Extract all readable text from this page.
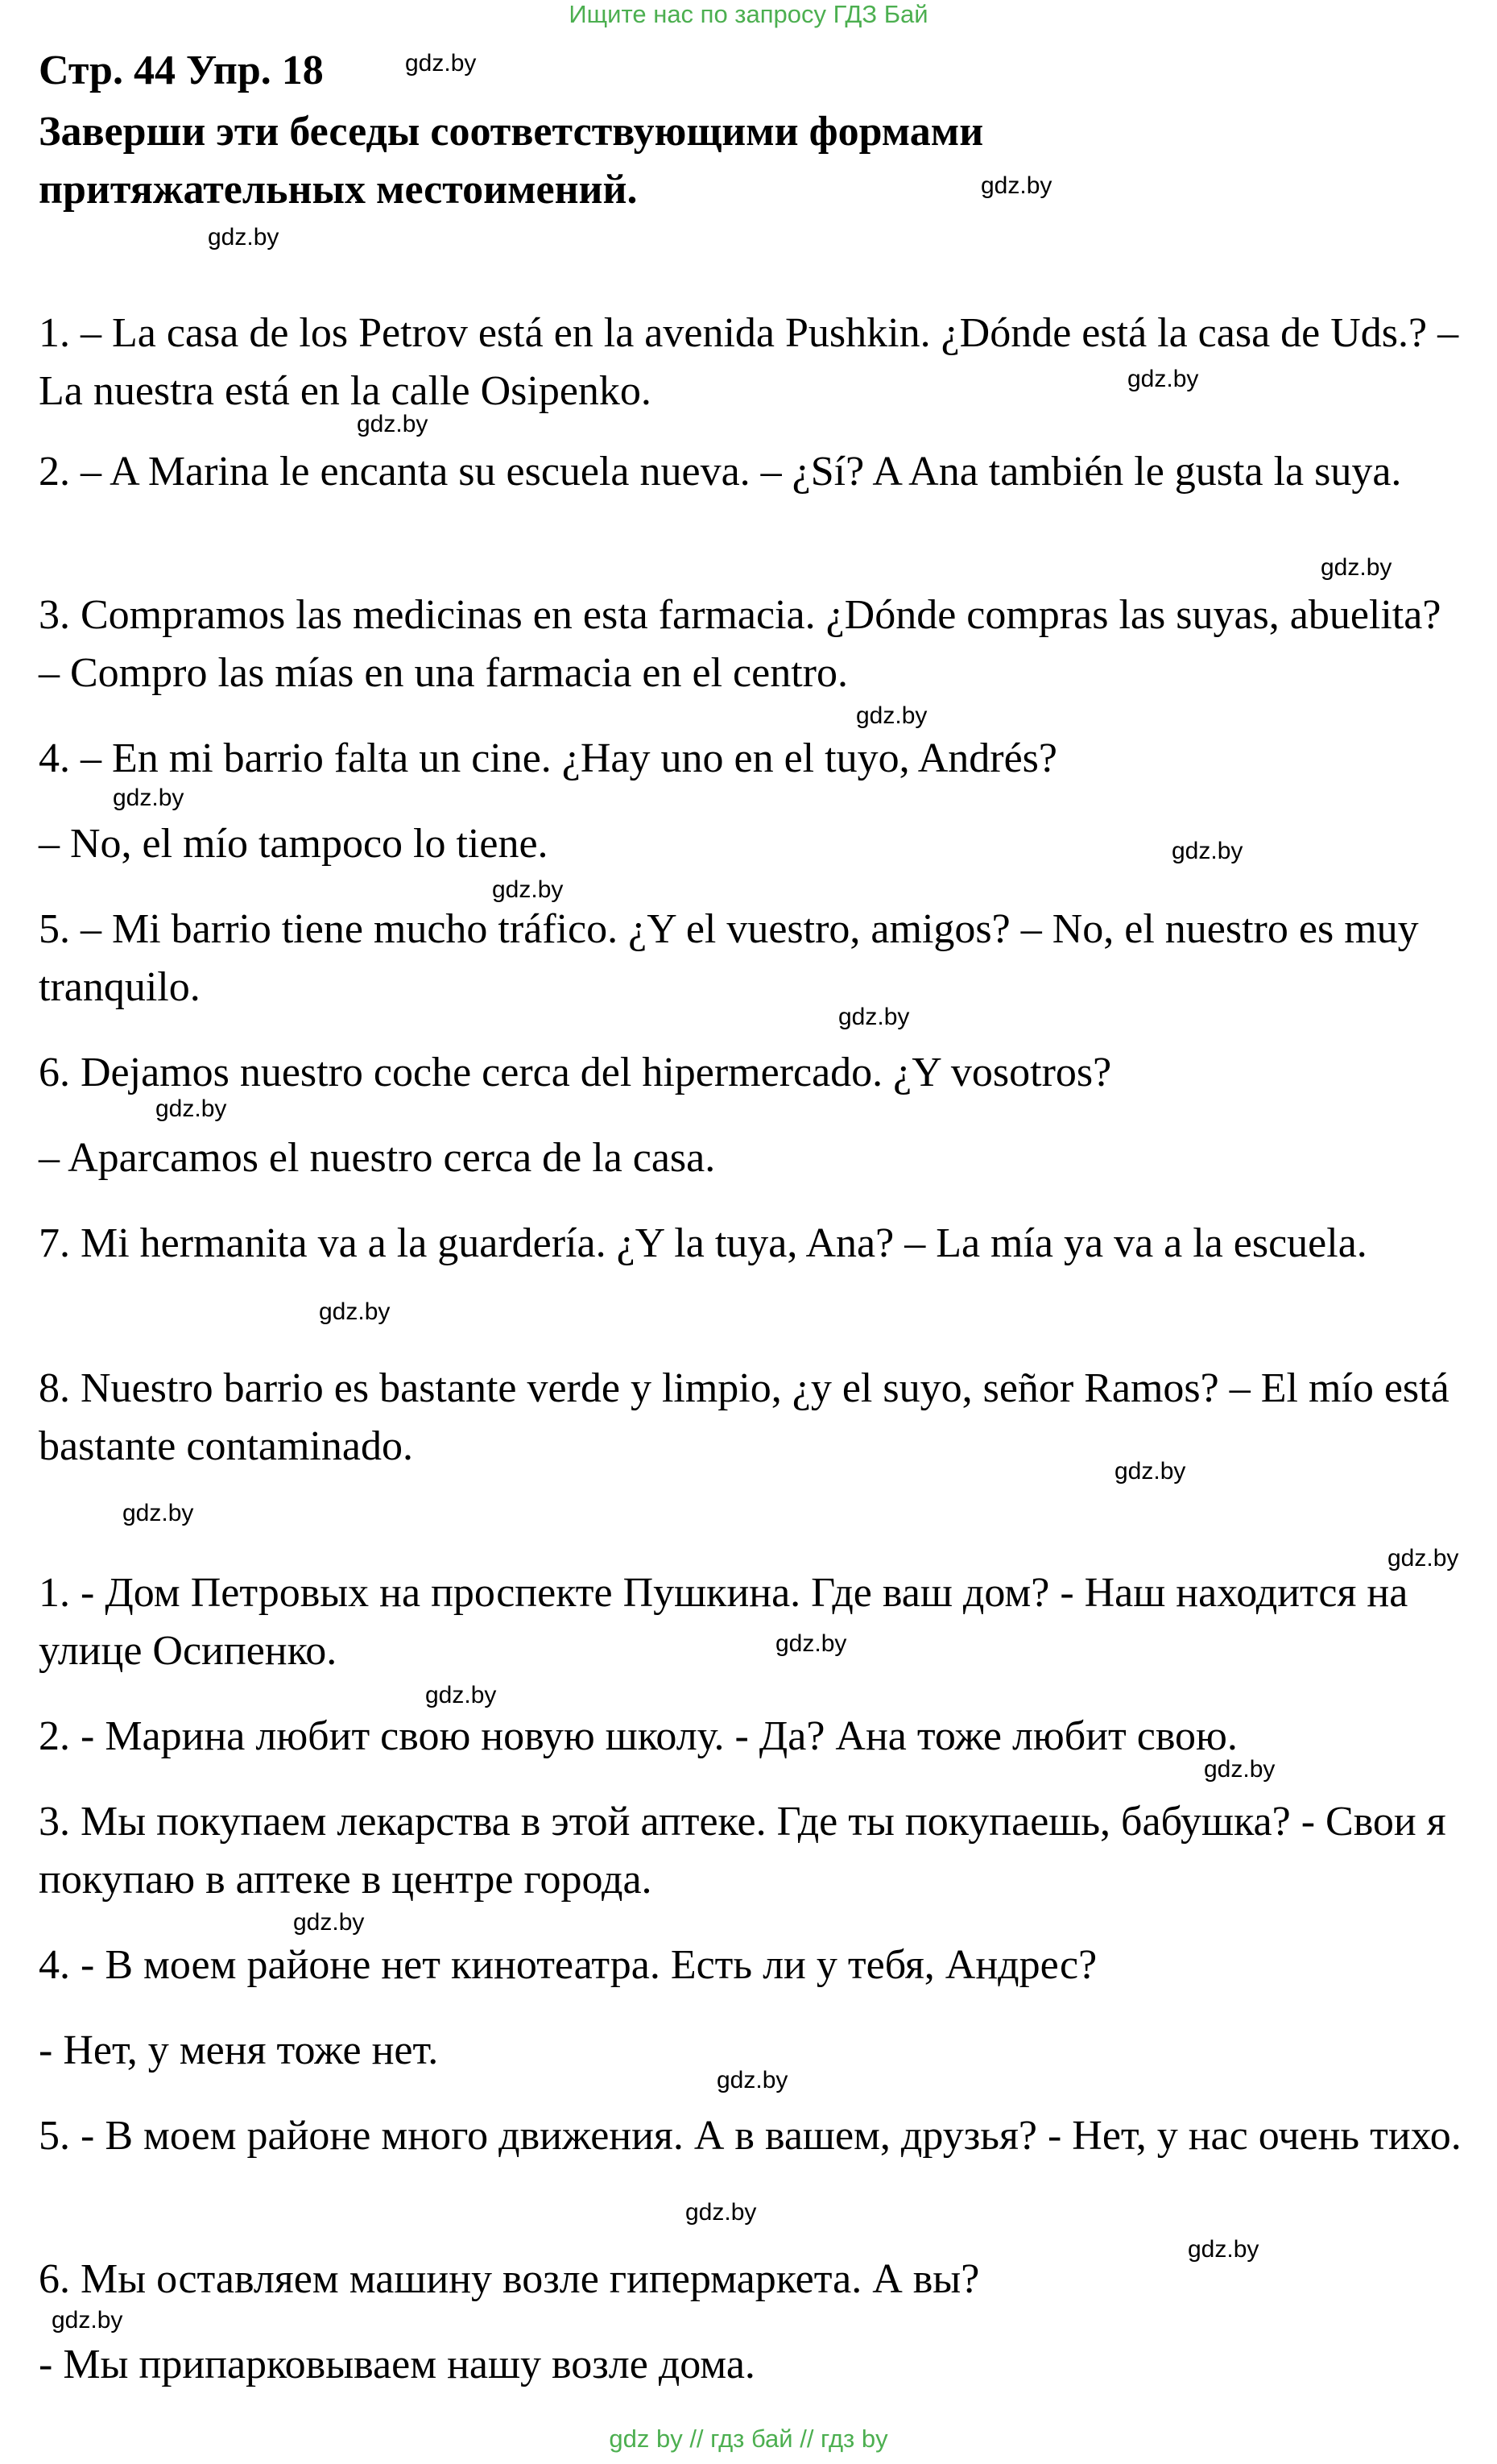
Ищите нас по запросу ГДЗ Бай
Стр. 44 Упр. 18

Заверши эти беседы соответствующими формами притяжательных местоимений.

1. – La casa de los Petrov está en la avenida Pushkin. ¿Dónde está la casa de Uds.? – La nuestra está en la calle Osipenko.

2. – A Marina le encanta su escuela nueva. – ¿Sí? A Ana también le gusta la suya.

3. Compramos las medicinas en esta farmacia. ¿Dónde compras las suyas, abuelita? – Compro las mías en una farmacia en el centro.

4. – En mi barrio falta un cine. ¿Hay uno en el tuyo, Andrés?

– No, el mío tampoco lo tiene.

5. – Mi barrio tiene mucho tráfico. ¿Y el vuestro, amigos? – No, el nuestro es muy tranquilo.

6. Dejamos nuestro coche cerca del hipermercado. ¿Y vosotros?

– Aparcamos el nuestro cerca de la casa.

7. Mi hermanita va a la guardería. ¿Y la tuya, Ana? – La mía ya va a la escuela.

8. Nuestro barrio es bastante verde y limpio, ¿y el suyo, señor Ramos? – El mío está bastante contaminado.

1. - Дом Петровых на проспекте Пушкина. Где ваш дом? - Наш находится на улице Осипенко.

2. - Марина любит свою новую школу. - Да? Ана тоже любит свою.

3. Мы покупаем лекарства в этой аптеке. Где ты покупаешь, бабушка? - Свои я покупаю в аптеке в центре города.

4. - В моем районе нет кинотеатра. Есть ли у тебя, Андрес?

- Нет, у меня тоже нет.

5. - В моем районе много движения. А в вашем, друзья? - Нет, у нас очень тихо.

6. Мы оставляем машину возле гипермаркета. А вы?

- Мы припарковываем нашу возле дома.

gdz.by
gdz.by
gdz.by
gdz.by
gdz.by
gdz.by
gdz.by
gdz.by
gdz.by
gdz.by
gdz.by
gdz.by
gdz.by
gdz.by
gdz.by
gdz.by
gdz.by
gdz.by
gdz.by
gdz.by
gdz.by
gdz.by
gdz.by
gdz.by
gdz by // гдз бай // гдз by
